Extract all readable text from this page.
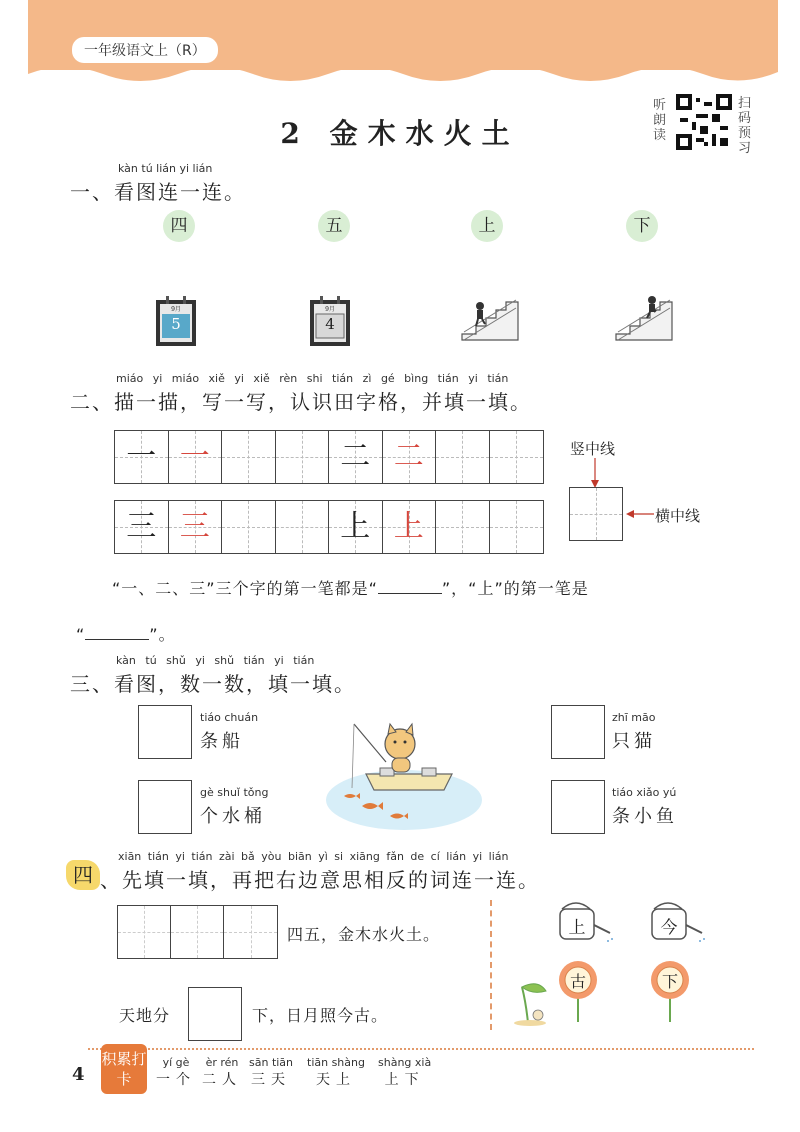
一年级语文上（R）
2 金木水火土
听朗读
扫码预习
kàn tú lián yi lián
一、看图连一连。
四	五	上	下
9月
5
9月
4
miáo yi miáo xiě yi xiě rèn shi tián zì gé bìng tián yi tián
二、描一描，写一写，认识田字格，并填一填。
一 一	二 二
三 三	上 上
竖中线
横中线
“一、二、三”三个字的第一笔都是“	”，“上”的第一笔是
“	”。
kàn tú shǔ yi shǔ tián yi tián
三、看图，数一数，填一填。
tiáo chuán
条船
zhī māo
只猫
gè shuǐ tǒng
个水桶
tiáo xiǎo yú
条小鱼
四
xiān tián yi tián zài bǎ yòu biān yì si xiāng fǎn de cí lián yi lián
、先填一填，再把右边意思相反的词连一连。
四五，金木水火土。
天地分	下，日月照今古。
上	今
古	下
4
积累打卡
yí gè
一个
èr rén
二人
sān tiān
三天
tiān shàng
天上
shàng xià
上下
